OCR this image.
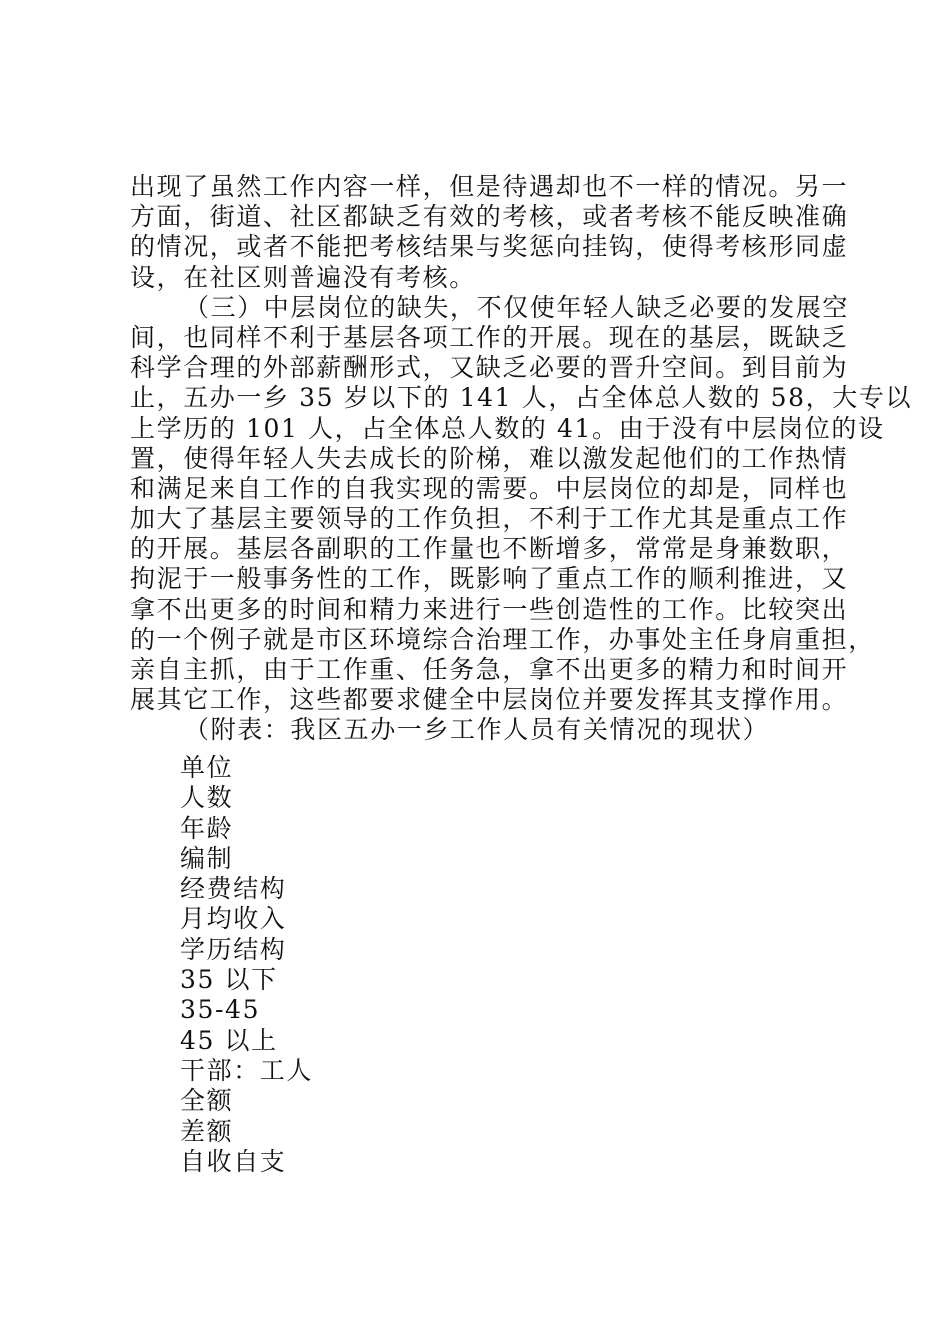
出现了虽然工作内容一样，但是待遇却也不一样的情况。另一
方面，街道、社区都缺乏有效的考核，或者考核不能反映准确
的情况，或者不能把考核结果与奖惩向挂钩，使得考核形同虚
设，在社区则普遍没有考核。
（三）中层岗位的缺失，不仅使年轻人缺乏必要的发展空
间，也同样不利于基层各项工作的开展。现在的基层，既缺乏
科学合理的外部薪酬形式，又缺乏必要的晋升空间。到目前为
止，五办一乡 35 岁以下的 141 人，占全体总人数的 58，大专以
上学历的 101 人，占全体总人数的 41。由于没有中层岗位的设
置，使得年轻人失去成长的阶梯，难以激发起他们的工作热情
和满足来自工作的自我实现的需要。中层岗位的却是，同样也
加大了基层主要领导的工作负担，不利于工作尤其是重点工作
的开展。基层各副职的工作量也不断增多，常常是身兼数职，
拘泥于一般事务性的工作，既影响了重点工作的顺利推进，又
拿不出更多的时间和精力来进行一些创造性的工作。比较突出
的一个例子就是市区环境综合治理工作，办事处主任身肩重担，
亲自主抓，由于工作重、任务急，拿不出更多的精力和时间开
展其它工作，这些都要求健全中层岗位并要发挥其支撑作用。
（附表：我区五办一乡工作人员有关情况的现状）
单位
人数
年龄
编制
经费结构
月均收入
学历结构
35 以下
35-45
45 以上
干部：工人
全额
差额
自收自支
